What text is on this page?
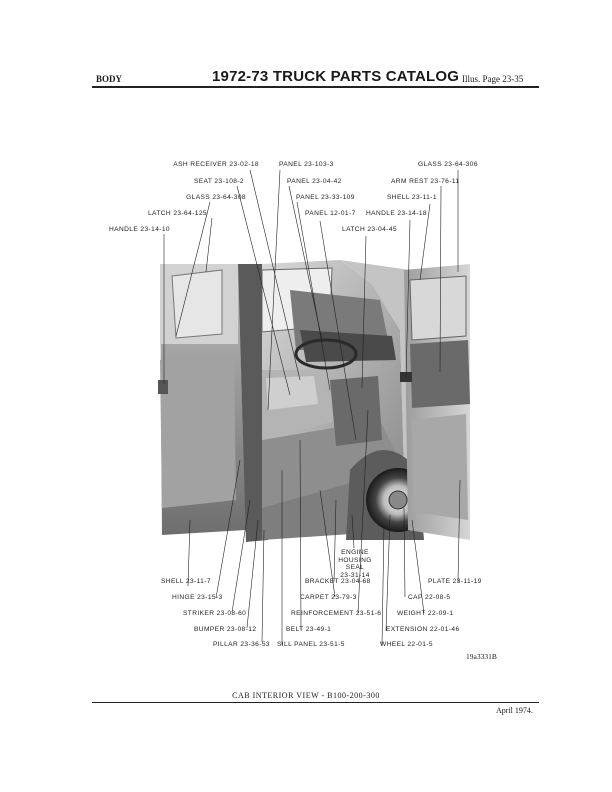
BODY	1972-73 TRUCK PARTS CATALOG Illus. Page 23-35
ASH RECEIVER 23-02-18
SEAT 23-108-2
GLASS 23-64-308
LATCH 23-64-125
HANDLE 23-14-10
PANEL 23-103-3
PANEL 23-04-42
PANEL 23-33-109
PANEL 12-01-7
LATCH 23-04-45
GLASS 23-64-306
ARM REST 23-76-11
SHELL 23-11-1
HANDLE 23-14-18
ENGINE
HOUSING
SEAL
23-31-14
SHELL 23-11-7
HINGE 23-15-3
STRIKER 23-08-60
BUMPER 23-08-12
PILLAR 23-36-53
BRACKET 23-04-68
CARPET 23-79-3
REINFORCEMENT 23-51-6
BELT 23-49-1
SILL PANEL 23-51-5
PLATE 23-11-19
CAP 22-08-5
WEIGHT 22-09-1
EXTENSION 22-01-46
WHEEL 22-01-5
19a3331B
CAB INTERIOR VIEW - B100-200-300
April 1974.
